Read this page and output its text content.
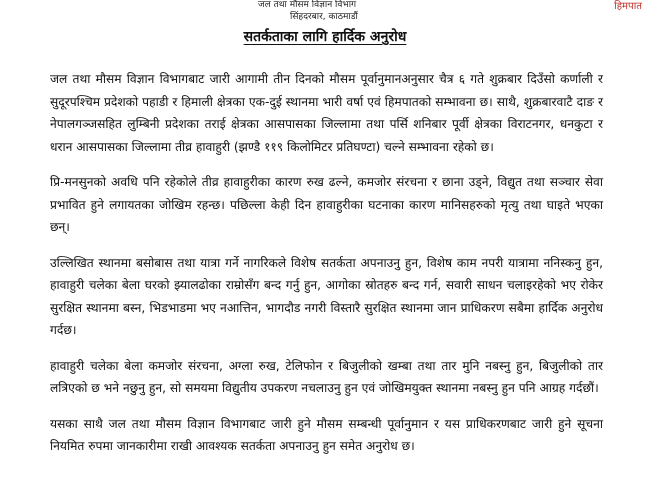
जल तथा मौसम विज्ञान विभाग
सिंहदरबार, काठमाडौं
हिमपात
सतर्कताका लागि हार्दिक अनुरोध

जल तथा मौसम विज्ञान विभागबाट जारी आगामी तीन दिनको मौसम पूर्वानुमानअनुसार चैत्र ६ गते शुक्रबार दिउँसो कर्णाली र सुदूरपश्चिम प्रदेशको पहाडी र हिमाली क्षेत्रका एक-दुई स्थानमा भारी वर्षा एवं हिमपातको सम्भावना छ। साथै, शुक्रबारवाटै दाङ र नेपालगञ्जसहित लुम्बिनी प्रदेशका तराई क्षेत्रका आसपासका जिल्लामा तथा पर्सि शनिबार पूर्वी क्षेत्रका विराटनगर, धनकुटा र धरान आसपासका जिल्लामा तीव्र हावाहुरी (झण्डै ११९ किलोमिटर प्रतिघण्टा) चल्ने सम्भावना रहेको छ।

प्रि-मनसुनको अवधि पनि रहेकोले तीव्र हावाहुरीका कारण रुख ढल्ने, कमजोर संरचना र छाना उड्ने, विद्युत तथा सञ्चार सेवा प्रभावित हुने लगायतका जोखिम रहन्छ। पछिल्ला केही दिन हावाहुरीका घटनाका कारण मानिसहरुको मृत्यु तथा घाइते भएका छन्।

उल्लिखित स्थानमा बसोबास तथा यात्रा गर्ने नागरिकले विशेष सतर्कता अपनाउनु हुन, विशेष काम नपरी यात्रामा ननिस्कनु हुन, हावाहुरी चलेका बेला घरको झ्यालढोका राम्रोसँग बन्द गर्नु हुन, आगोका स्रोतहरु बन्द गर्न, सवारी साधन चलाइरहेको भए रोकेर सुरक्षित स्थानमा बस्न, भिडभाडमा भए नआत्तिन, भागदौड नगरी विस्तारै सुरक्षित स्थानमा जान प्राधिकरण सबैमा हार्दिक अनुरोध गर्दछ।

हावाहुरी चलेका बेला कमजोर संरचना, अग्ला रुख, टेलिफोन र बिजुलीको खम्बा तथा तार मुनि नबस्नु हुन, बिजुलीको तार लत्रिएको छ भने नछुनु हुन, सो समयमा विद्युतीय उपकरण नचलाउनु हुन एवं जोखिमयुक्त स्थानमा नबस्नु हुन पनि आग्रह गर्दछौं।

यसका साथै जल तथा मौसम विज्ञान विभागबाट जारी हुने मौसम सम्बन्धी पूर्वानुमान र यस प्राधिकरणबाट जारी हुने सूचना नियमित रुपमा जानकारीमा राखी आवश्यक सतर्कता अपनाउनु हुन समेत अनुरोध छ।
